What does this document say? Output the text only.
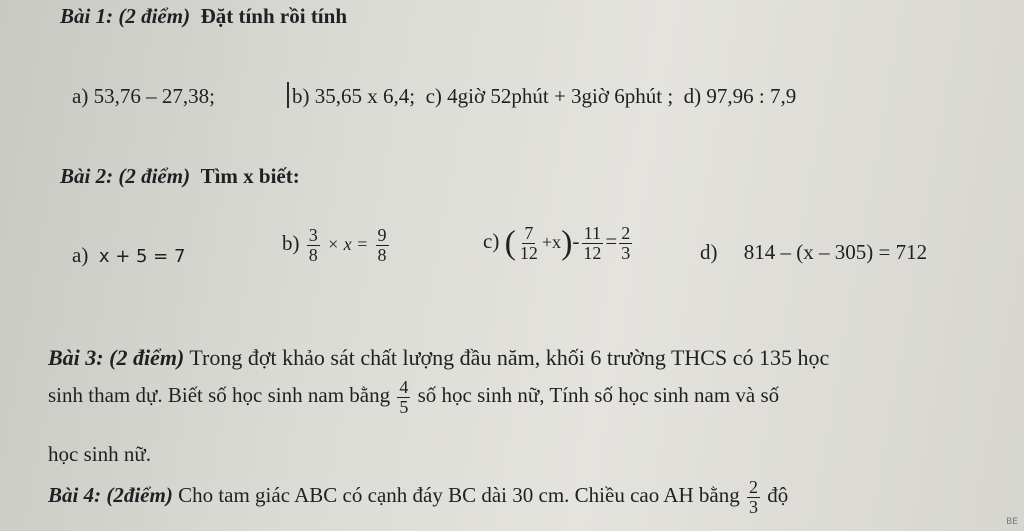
Bài 1: (2 điểm) Đặt tính rồi tính
a) 53,76 – 27,38;	b) 35,65 x 6,4; c) 4giờ 52phút + 3giờ 6phút ; d) 97,96 : 7,9
Bài 2: (2 điểm) Tìm x biết:
a) x + 5 = 7
$b) \frac{3}{8} \times x = \frac{9}{8}$	c) ( $\frac{7}{12} +x)- \frac{11}{12} = \frac{2}{3}$	d) 814 – (x – 305) = 712
Bài 3: (2 điểm) Trong đợt khảo sát chất lượng đầu năm, khối 6 trường THCS có 135 học
sinh tham dự. Biết số học sinh nam bằng $\frac{4}{5}$ số học sinh nữ, Tính số học sinh nam và số
học sinh nữ.
Bài 4: (2điểm) Cho tam giác ABC có cạnh đáy BC dài 30 cm. Chiều cao AH bằng $\frac{2}{3}$ độ
BE
